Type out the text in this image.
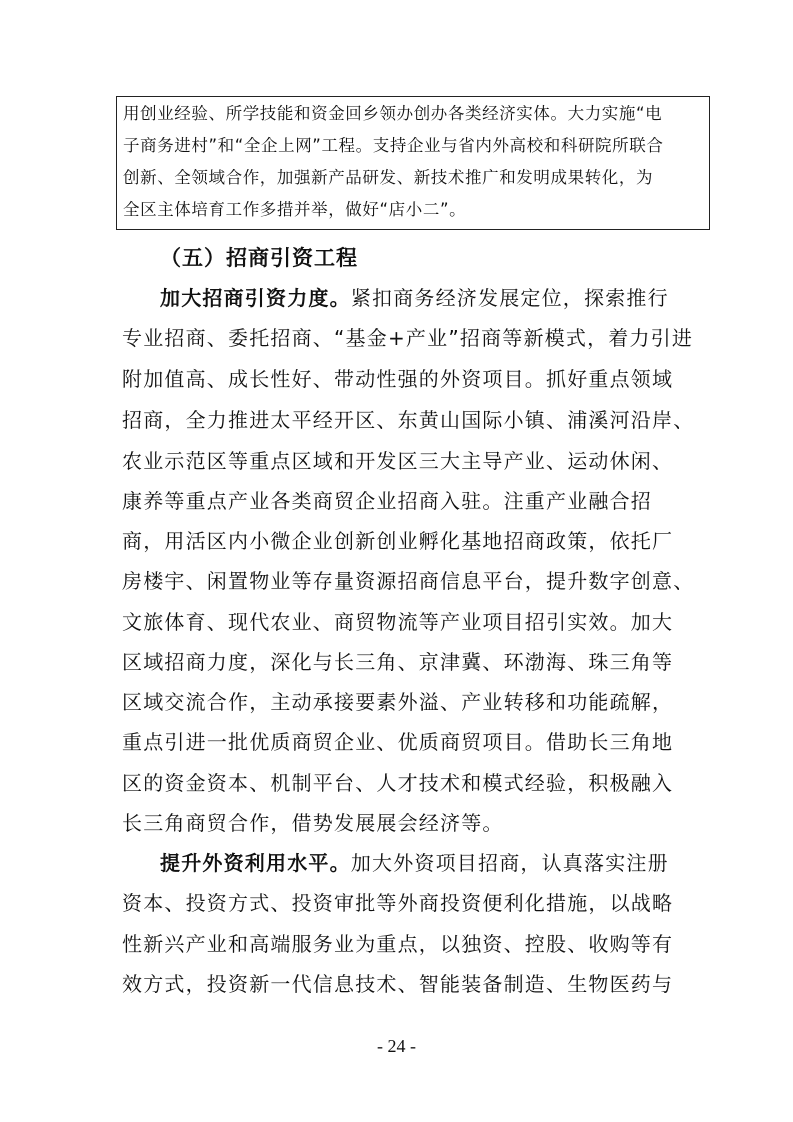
用创业经验、所学技能和资金回乡领办创办各类经济实体。大力实施“电
子商务进村”和“全企上网”工程。支持企业与省内外高校和科研院所联合
创新、全领域合作，加强新产品研发、新技术推广和发明成果转化，为
全区主体培育工作多措并举，做好“店小二”。
（五）招商引资工程
加大招商引资力度。紧扣商务经济发展定位，探索推行
专业招商、委托招商、“基金+产业”招商等新模式，着力引进
附加值高、成长性好、带动性强的外资项目。抓好重点领域
招商，全力推进太平经开区、东黄山国际小镇、浦溪河沿岸、
农业示范区等重点区域和开发区三大主导产业、运动休闲、
康养等重点产业各类商贸企业招商入驻。注重产业融合招
商，用活区内小微企业创新创业孵化基地招商政策，依托厂
房楼宇、闲置物业等存量资源招商信息平台，提升数字创意、
文旅体育、现代农业、商贸物流等产业项目招引实效。加大
区域招商力度，深化与长三角、京津冀、环渤海、珠三角等
区域交流合作，主动承接要素外溢、产业转移和功能疏解，
重点引进一批优质商贸企业、优质商贸项目。借助长三角地
区的资金资本、机制平台、人才技术和模式经验，积极融入
长三角商贸合作，借势发展展会经济等。
提升外资利用水平。加大外资项目招商，认真落实注册
资本、投资方式、投资审批等外商投资便利化措施，以战略
性新兴产业和高端服务业为重点，以独资、控股、收购等有
效方式，投资新一代信息技术、智能装备制造、生物医药与
- 24 -
